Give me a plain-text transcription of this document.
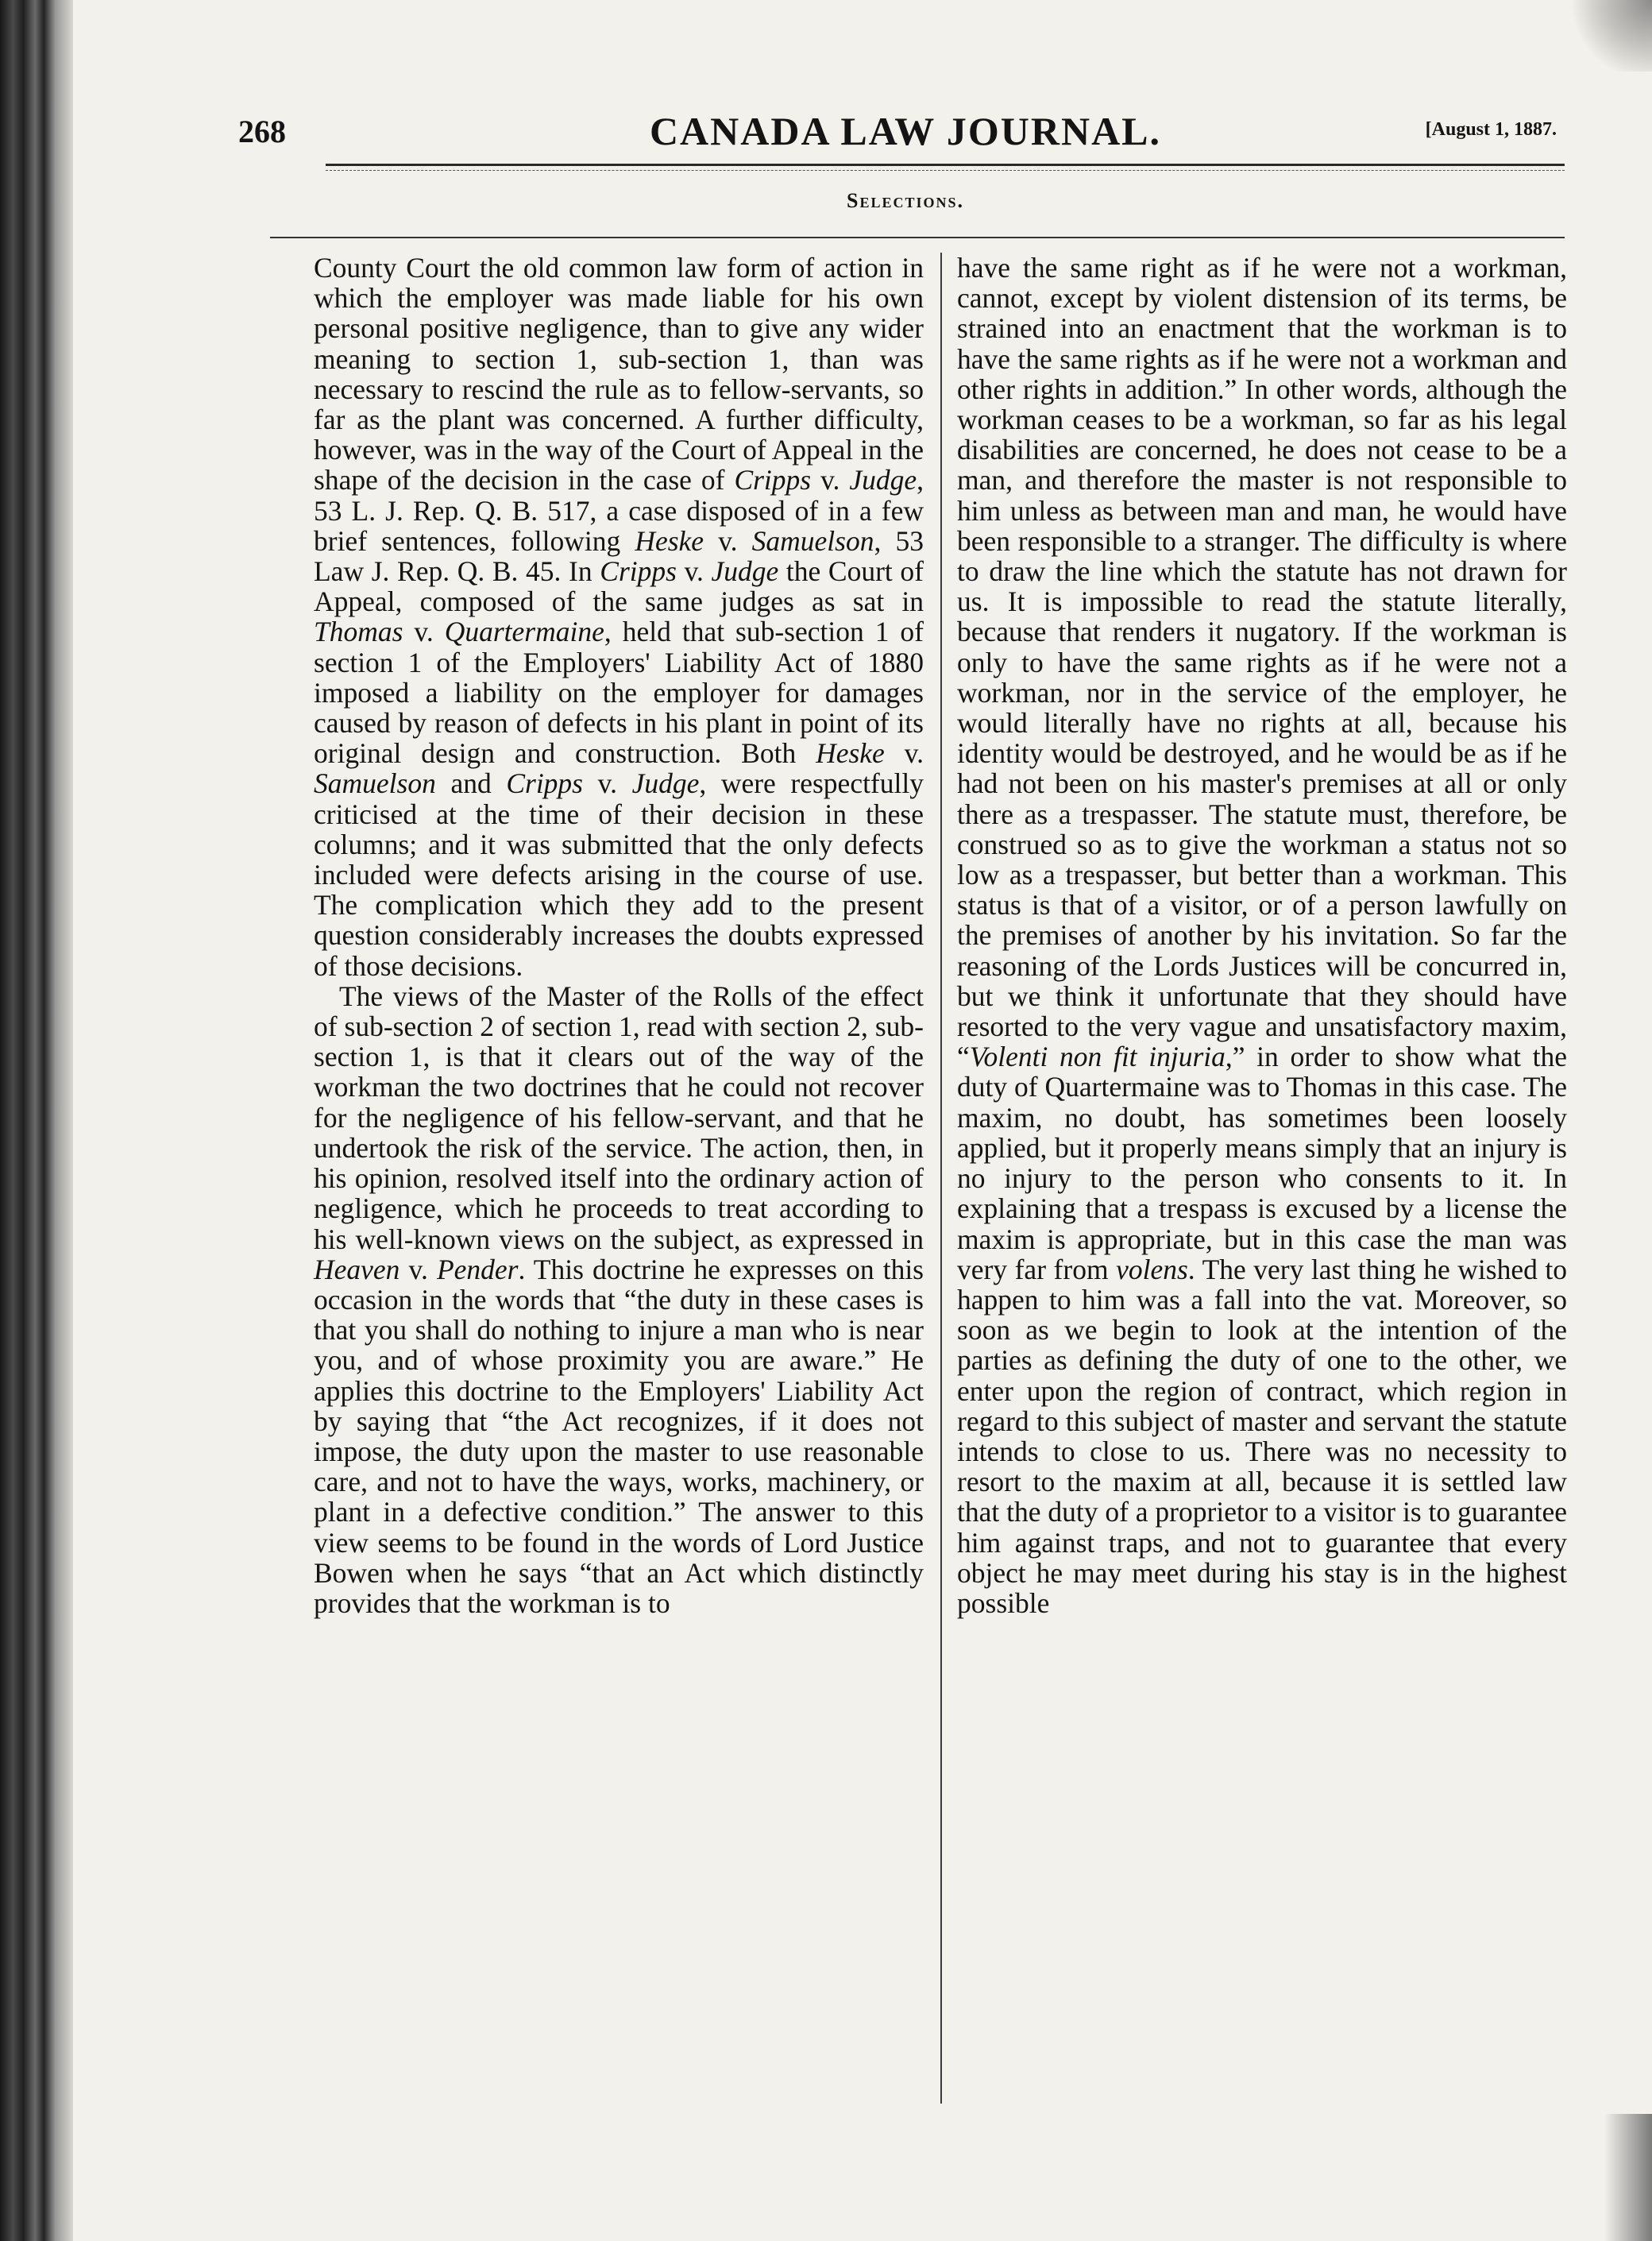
268	CANADA LAW JOURNAL.	[August 1, 1887.
Selections.

County Court the old common law form of action in which the employer was made liable for his own personal positive negligence, than to give any wider meaning to section 1, sub-section 1, than was necessary to rescind the rule as to fellow-servants, so far as the plant was concerned. A further difficulty, however, was in the way of the Court of Appeal in the shape of the decision in the case of Cripps v. Judge, 53 L. J. Rep. Q. B. 517, a case disposed of in a few brief sentences, following Heske v. Samuelson, 53 Law J. Rep. Q. B. 45. In Cripps v. Judge the Court of Appeal, composed of the same judges as sat in Thomas v. Quartermaine, held that sub-section 1 of section 1 of the Employers' Liability Act of 1880 imposed a liability on the employer for damages caused by reason of defects in his plant in point of its original design and construction. Both Heske v. Samuelson and Cripps v. Judge, were respectfully criticised at the time of their decision in these columns; and it was submitted that the only defects included were defects arising in the course of use. The complication which they add to the present question considerably increases the doubts expressed of those decisions.

The views of the Master of the Rolls of the effect of sub-section 2 of section 1, read with section 2, sub-section 1, is that it clears out of the way of the workman the two doctrines that he could not recover for the negligence of his fellow-servant, and that he undertook the risk of the service. The action, then, in his opinion, resolved itself into the ordinary action of negligence, which he proceeds to treat according to his well-known views on the subject, as expressed in Heaven v. Pender. This doctrine he expresses on this occasion in the words that “the duty in these cases is that you shall do nothing to injure a man who is near you, and of whose proximity you are aware.” He applies this doctrine to the Employers' Liability Act by saying that “the Act recognizes, if it does not impose, the duty upon the master to use reasonable care, and not to have the ways, works, machinery, or plant in a defective condition.” The answer to this view seems to be found in the words of Lord Justice Bowen when he says “that an Act which distinctly provides that the workman is to

have the same right as if he were not a workman, cannot, except by violent distension of its terms, be strained into an enactment that the workman is to have the same rights as if he were not a workman and other rights in addition.” In other words, although the workman ceases to be a workman, so far as his legal disabilities are concerned, he does not cease to be a man, and therefore the master is not responsible to him unless as between man and man, he would have been responsible to a stranger. The difficulty is where to draw the line which the statute has not drawn for us. It is impossible to read the statute literally, because that renders it nugatory. If the workman is only to have the same rights as if he were not a workman, nor in the service of the employer, he would literally have no rights at all, because his identity would be destroyed, and he would be as if he had not been on his master's premises at all or only there as a trespasser. The statute must, therefore, be construed so as to give the workman a status not so low as a trespasser, but better than a workman. This status is that of a visitor, or of a person lawfully on the premises of another by his invitation. So far the reasoning of the Lords Justices will be concurred in, but we think it unfortunate that they should have resorted to the very vague and unsatisfactory maxim, “Volenti non fit injuria,” in order to show what the duty of Quartermaine was to Thomas in this case. The maxim, no doubt, has sometimes been loosely applied, but it properly means simply that an injury is no injury to the person who consents to it. In explaining that a trespass is excused by a license the maxim is appropriate, but in this case the man was very far from volens. The very last thing he wished to happen to him was a fall into the vat. Moreover, so soon as we begin to look at the intention of the parties as defining the duty of one to the other, we enter upon the region of contract, which region in regard to this subject of master and servant the statute intends to close to us. There was no necessity to resort to the maxim at all, because it is settled law that the duty of a proprietor to a visitor is to guarantee him against traps, and not to guarantee that every object he may meet during his stay is in the highest possible
